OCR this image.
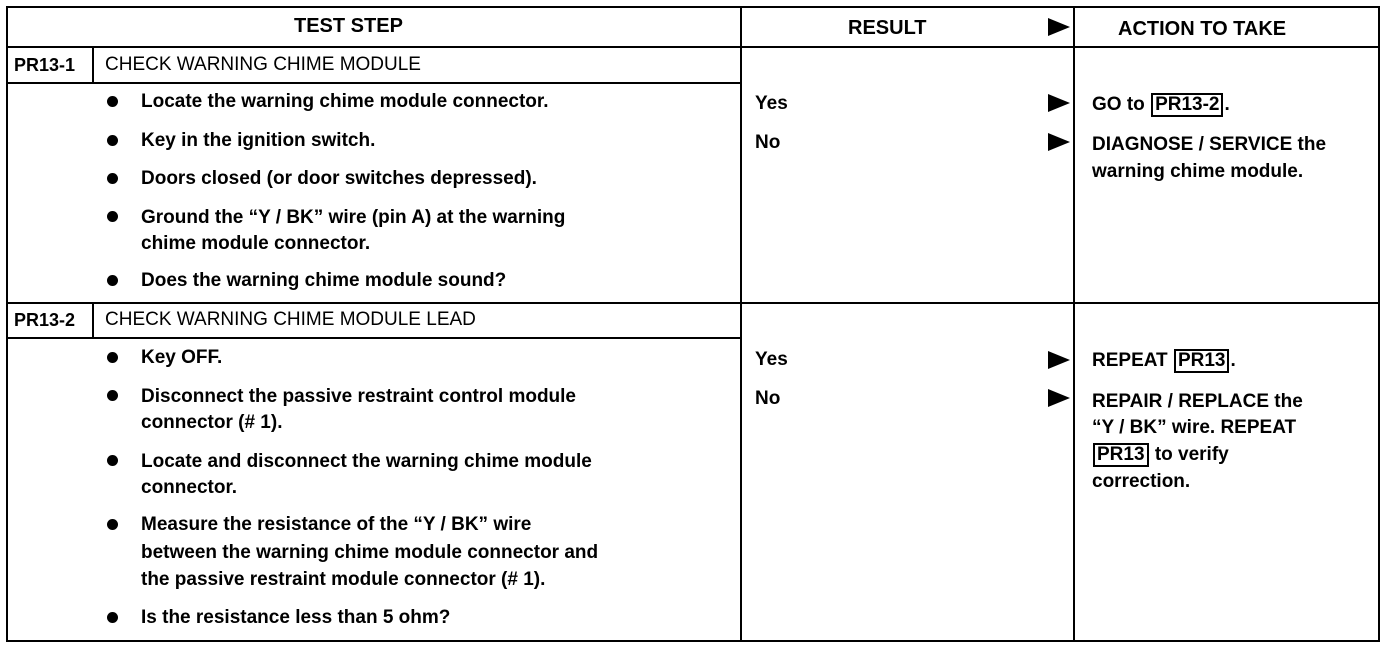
TEST STEP	RESULT	ACTION TO TAKE
PR13-1 CHECK WARNING CHIME MODULE
Locate the warning chime module connector.
Key in the ignition switch.
Doors closed (or door switches depressed).
Ground the “Y / BK” wire (pin A) at the warning
chime module connector.
Does the warning chime module sound?
Yes
No
GO to PR13-2 .
DIAGNOSE / SERVICE the
warning chime module.
PR13-2 CHECK WARNING CHIME MODULE LEAD
Key OFF.
Disconnect the passive restraint control module
connector (# 1).
Locate and disconnect the warning chime module
connector.
Measure the resistance of the “Y / BK” wire
between the warning chime module connector and
the passive restraint module connector (# 1).
Is the resistance less than 5 ohm?
Yes
No
REPEAT PR13 .
REPAIR / REPLACE the
“Y / BK” wire. REPEAT
PR13 to verify
correction.
